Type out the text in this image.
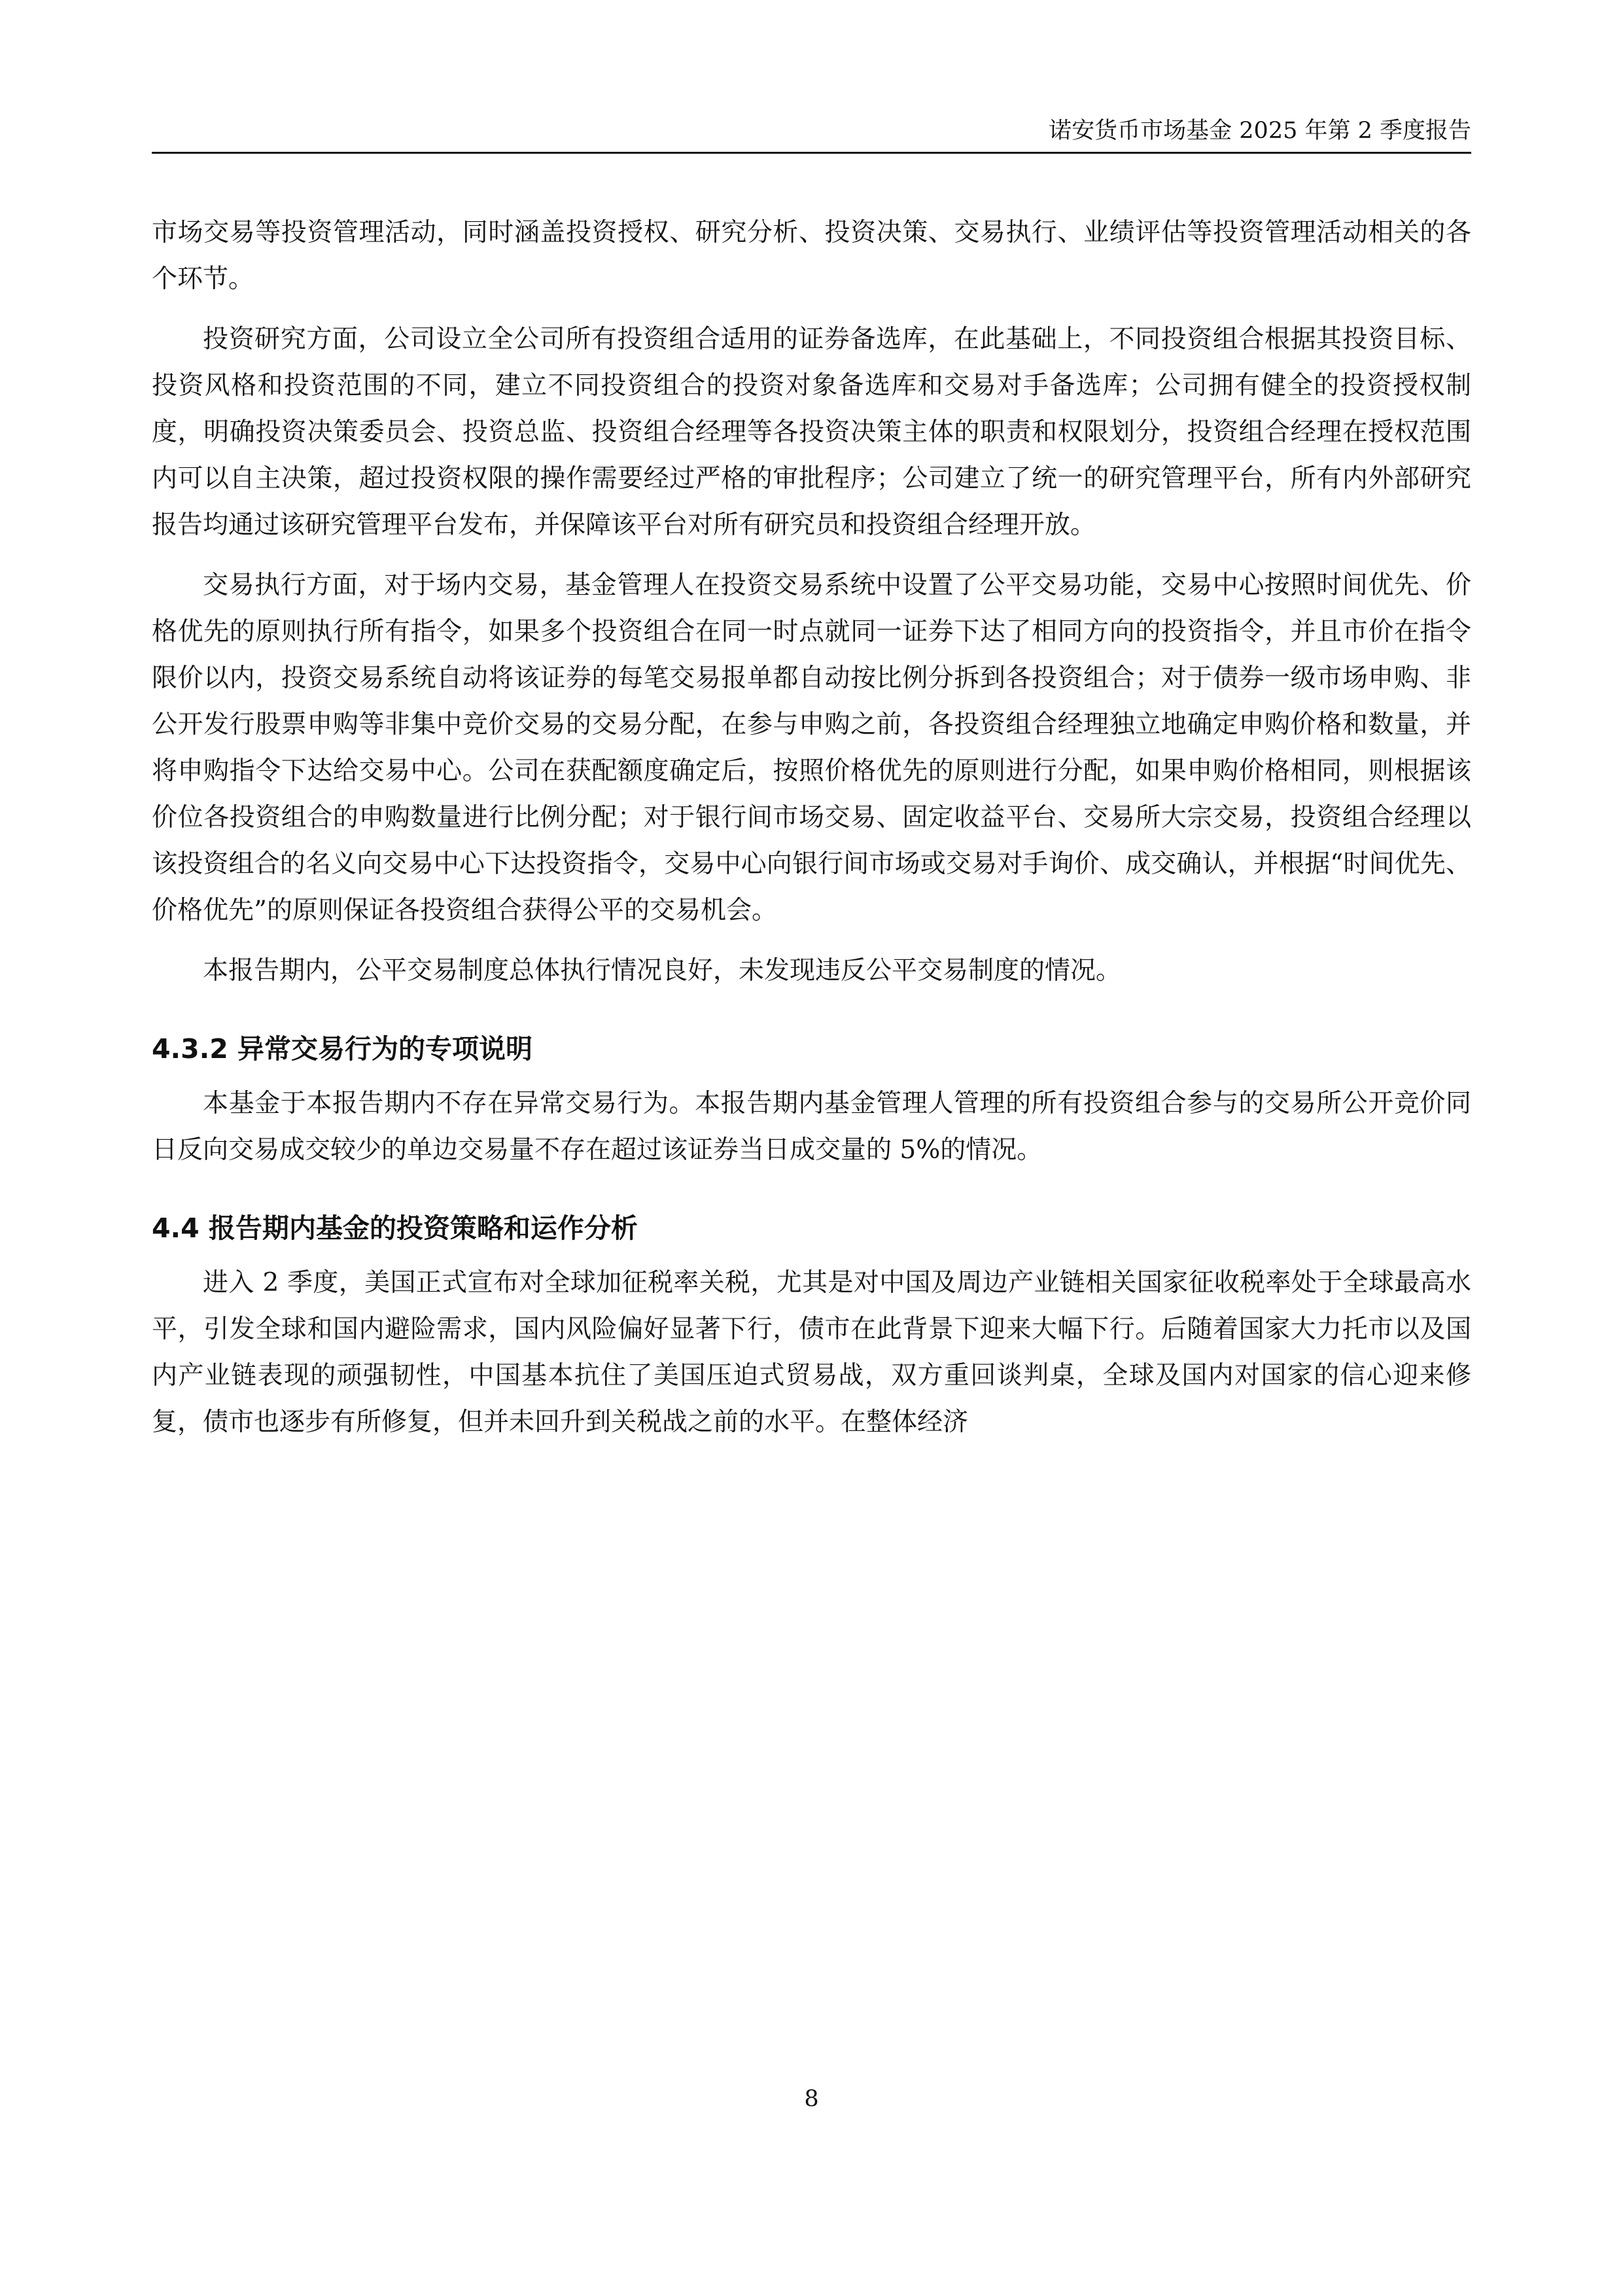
诺安货币市场基金 2025 年第 2 季度报告

市场交易等投资管理活动，同时涵盖投资授权、研究分析、投资决策、交易执行、业绩评估等投资管理活动相关的各个环节。

投资研究方面，公司设立全公司所有投资组合适用的证券备选库，在此基础上，不同投资组合根据其投资目标、投资风格和投资范围的不同，建立不同投资组合的投资对象备选库和交易对手备选库；公司拥有健全的投资授权制度，明确投资决策委员会、投资总监、投资组合经理等各投资决策主体的职责和权限划分，投资组合经理在授权范围内可以自主决策，超过投资权限的操作需要经过严格的审批程序；公司建立了统一的研究管理平台，所有内外部研究报告均通过该研究管理平台发布，并保障该平台对所有研究员和投资组合经理开放。

交易执行方面，对于场内交易，基金管理人在投资交易系统中设置了公平交易功能，交易中心按照时间优先、价格优先的原则执行所有指令，如果多个投资组合在同一时点就同一证券下达了相同方向的投资指令，并且市价在指令限价以内，投资交易系统自动将该证券的每笔交易报单都自动按比例分拆到各投资组合；对于债券一级市场申购、非公开发行股票申购等非集中竞价交易的交易分配，在参与申购之前，各投资组合经理独立地确定申购价格和数量，并将申购指令下达给交易中心。公司在获配额度确定后，按照价格优先的原则进行分配，如果申购价格相同，则根据该价位各投资组合的申购数量进行比例分配；对于银行间市场交易、固定收益平台、交易所大宗交易，投资组合经理以该投资组合的名义向交易中心下达投资指令，交易中心向银行间市场或交易对手询价、成交确认，并根据“时间优先、价格优先”的原则保证各投资组合获得公平的交易机会。

本报告期内，公平交易制度总体执行情况良好，未发现违反公平交易制度的情况。

4.3.2 异常交易行为的专项说明

本基金于本报告期内不存在异常交易行为。本报告期内基金管理人管理的所有投资组合参与的交易所公开竞价同日反向交易成交较少的单边交易量不存在超过该证券当日成交量的 5%的情况。

4.4 报告期内基金的投资策略和运作分析

进入 2 季度，美国正式宣布对全球加征税率关税，尤其是对中国及周边产业链相关国家征收税率处于全球最高水平，引发全球和国内避险需求，国内风险偏好显著下行，债市在此背景下迎来大幅下行。后随着国家大力托市以及国内产业链表现的顽强韧性，中国基本抗住了美国压迫式贸易战，双方重回谈判桌，全球及国内对国家的信心迎来修复，债市也逐步有所修复，但并未回升到关税战之前的水平。在整体经济

8
